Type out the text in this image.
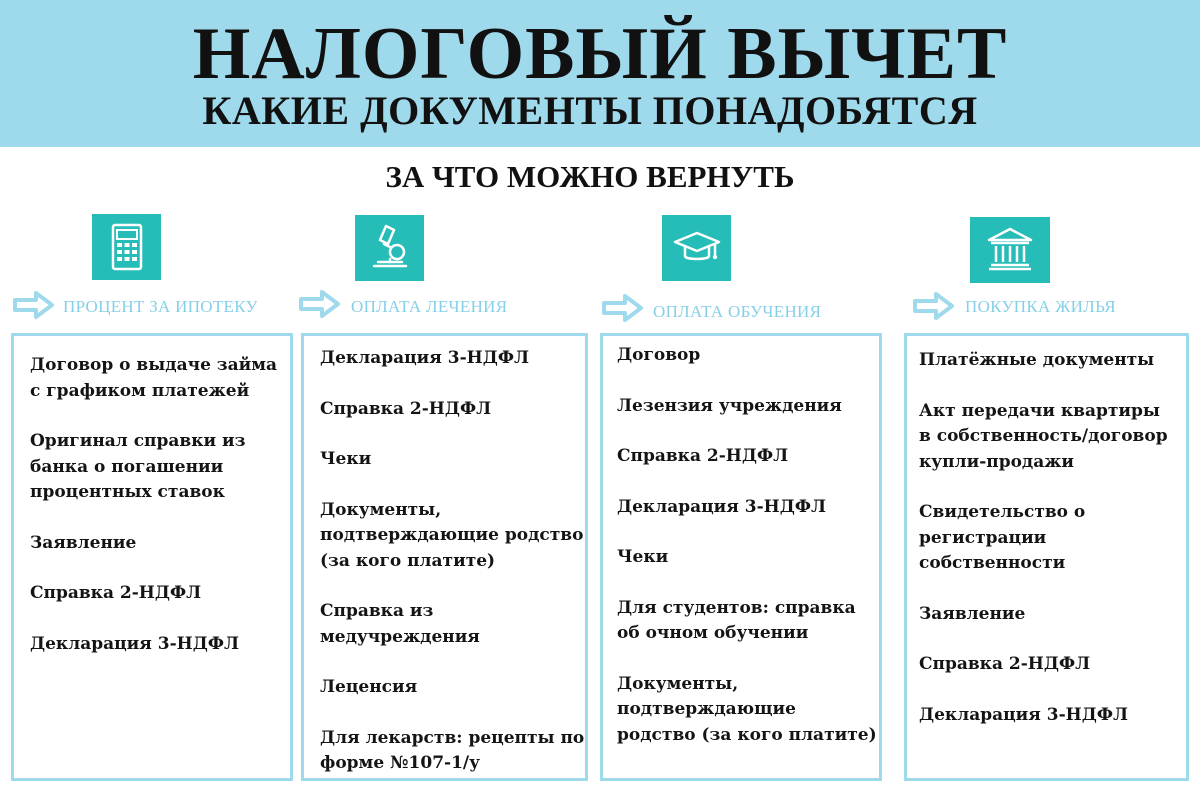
НАЛОГОВЫЙ ВЫЧЕТ
КАКИЕ ДОКУМЕНТЫ ПОНАДОБЯТСЯ
ЗА ЧТО МОЖНО ВЕРНУТЬ
ПРОЦЕНТ ЗА ИПОТЕКУ
Договор о выдаче займа
с графиком платежей
Оригинал справки из
банка о погашении
процентных ставок
Заявление
Справка 2-НДФЛ
Декларация 3-НДФЛ
ОПЛАТА ЛЕЧЕНИЯ
Декларация 3-НДФЛ
Справка 2-НДФЛ
Чеки
Документы,
подтверждающие родство
(за кого платите)
Справка из
медучреждения
Леценсия
Для лекарств: рецепты по
форме №107-1/у
ОПЛАТА ОБУЧЕНИЯ
Договор
Лезензия учреждения
Справка 2-НДФЛ
Декларация 3-НДФЛ
Чеки
Для студентов: справка
об очном обучении
Документы,
подтверждающие
родство (за кого платите)
ПОКУПКА ЖИЛЬЯ
Платёжные документы
Акт передачи квартиры
в собственность/договор
купли-продажи
Свидетельство о
регистрации
собственности
Заявление
Справка 2-НДФЛ
Декларация 3-НДФЛ
